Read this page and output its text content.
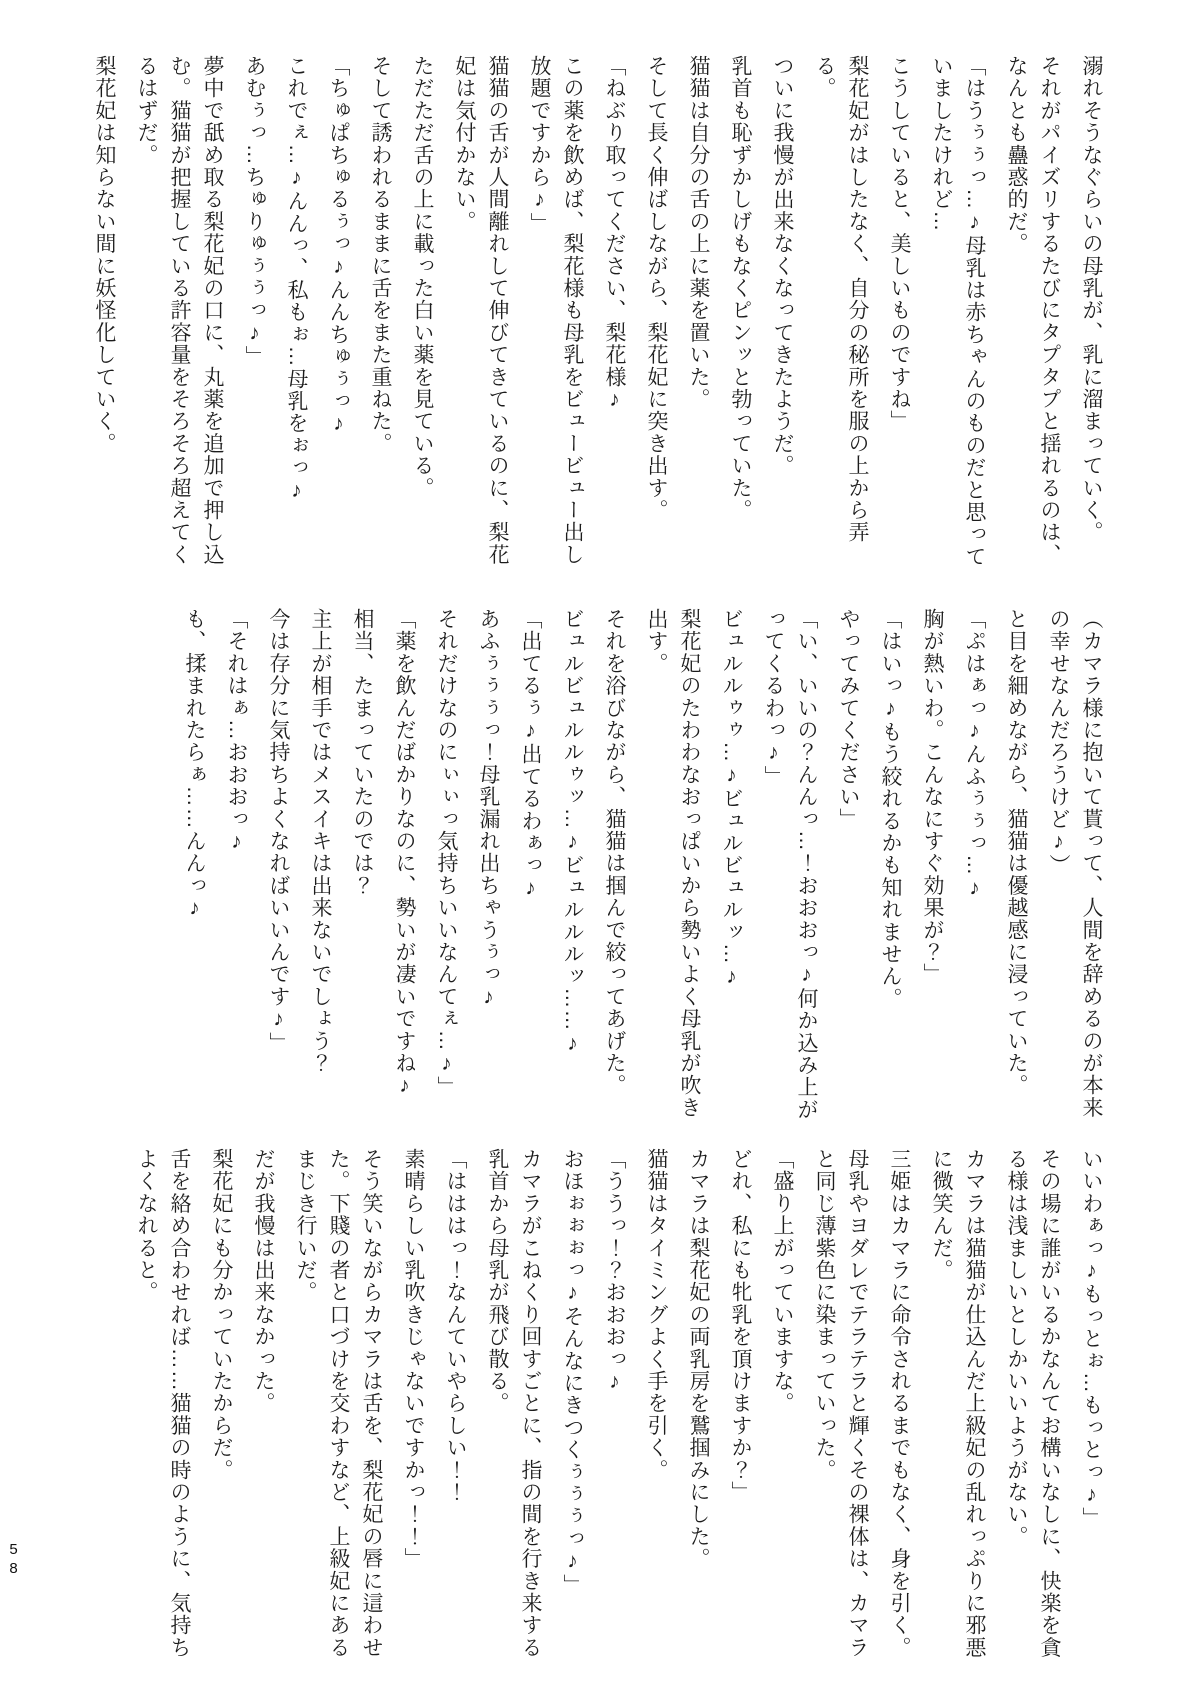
溺れそうなぐらいの母乳が、乳に溜まっていく。

それがパイズリするたびにタプタプと揺れるのは、なんとも蠱惑的だ。

「はうぅぅっ…♪母乳は赤ちゃんのものだと思っていましたけれど…

こうしていると、美しいものですね」

梨花妃がはしたなく、自分の秘所を服の上から弄る。

ついに我慢が出来なくなってきたようだ。

乳首も恥ずかしげもなくピンッと勃っていた。

猫猫は自分の舌の上に薬を置いた。

そして長く伸ばしながら、梨花妃に突き出す。

「ねぶり取ってください、梨花様♪

この薬を飲めば、梨花様も母乳をビュービュー出し放題ですから♪」

猫猫の舌が人間離れして伸びてきているのに、梨花妃は気付かない。

ただただ舌の上に載った白い薬を見ている。

そして誘われるままに舌をまた重ねた。

「ちゅぱちゅるぅっ♪んんちゅぅっ♪

これでぇ…♪んんっ、私もぉ…母乳をぉっ♪

あむぅっ…ちゅりゅぅぅっ♪」

夢中で舐め取る梨花妃の口に、丸薬を追加で押し込む。猫猫が把握している許容量をそろそろ超えてくるはずだ。

梨花妃は知らない間に妖怪化していく。

（カマラ様に抱いて貰って、人間を辞めるのが本来の幸せなんだろうけど♪）

と目を細めながら、猫猫は優越感に浸っていた。

「ぷはぁっ♪んふぅぅっ…♪

胸が熱いわ。こんなにすぐ効果が？」

「はいっ♪もう絞れるかも知れません。

やってみてください」

「い、いいの？んんっ…！おおおっ♪何か込み上がってくるわっ♪」

ビュルルゥゥ…♪ビュルビュルッ…♪

梨花妃のたわわなおっぱいから勢いよく母乳が吹き出す。

それを浴びながら、猫猫は掴んで絞ってあげた。

ビュルビュルルゥッ…♪ビュルルルッ……♪

「出てるぅ♪出てるわぁっ♪

あふぅぅぅっ！母乳漏れ出ちゃうぅっ♪

それだけなのにぃぃっ気持ちいいなんてぇ…♪」

「薬を飲んだばかりなのに、勢いが凄いですね♪

相当、たまっていたのでは？

主上が相手ではメスイキは出来ないでしょう？

今は存分に気持ちよくなればいいんです♪」

「それはぁ…おおおっ♪

も、揉まれたらぁ……んんっ♪

いいわぁっ♪もっとぉ…もっとっ♪」

その場に誰がいるかなんてお構いなしに、快楽を貪る様は浅ましいとしかいいようがない。

カマラは猫猫が仕込んだ上級妃の乱れっぷりに邪悪に微笑んだ。

三姫はカマラに命令されるまでもなく、身を引く。

母乳やヨダレでテラテラと輝くその裸体は、カマラと同じ薄紫色に染まっていった。

「盛り上がっていますな。

どれ、私にも牝乳を頂けますか？」

カマラは梨花妃の両乳房を鷲掴みにした。

猫猫はタイミングよく手を引く。

「ううっ！？おおおっ♪

おほぉぉぉっ♪そんなにきつくぅぅぅっ♪」

カマラがこねくり回すごとに、指の間を行き来する乳首から母乳が飛び散る。

「はははっ！なんていやらしい！！

素晴らしい乳吹きじゃないですかっ！！」

そう笑いながらカマラは舌を、梨花妃の唇に這わせた。下賤の者と口づけを交わすなど、上級妃にあるまじき行いだ。

だが我慢は出来なかった。

梨花妃にも分かっていたからだ。

舌を絡め合わせれば……猫猫の時のように、気持ちよくなれると。

58
